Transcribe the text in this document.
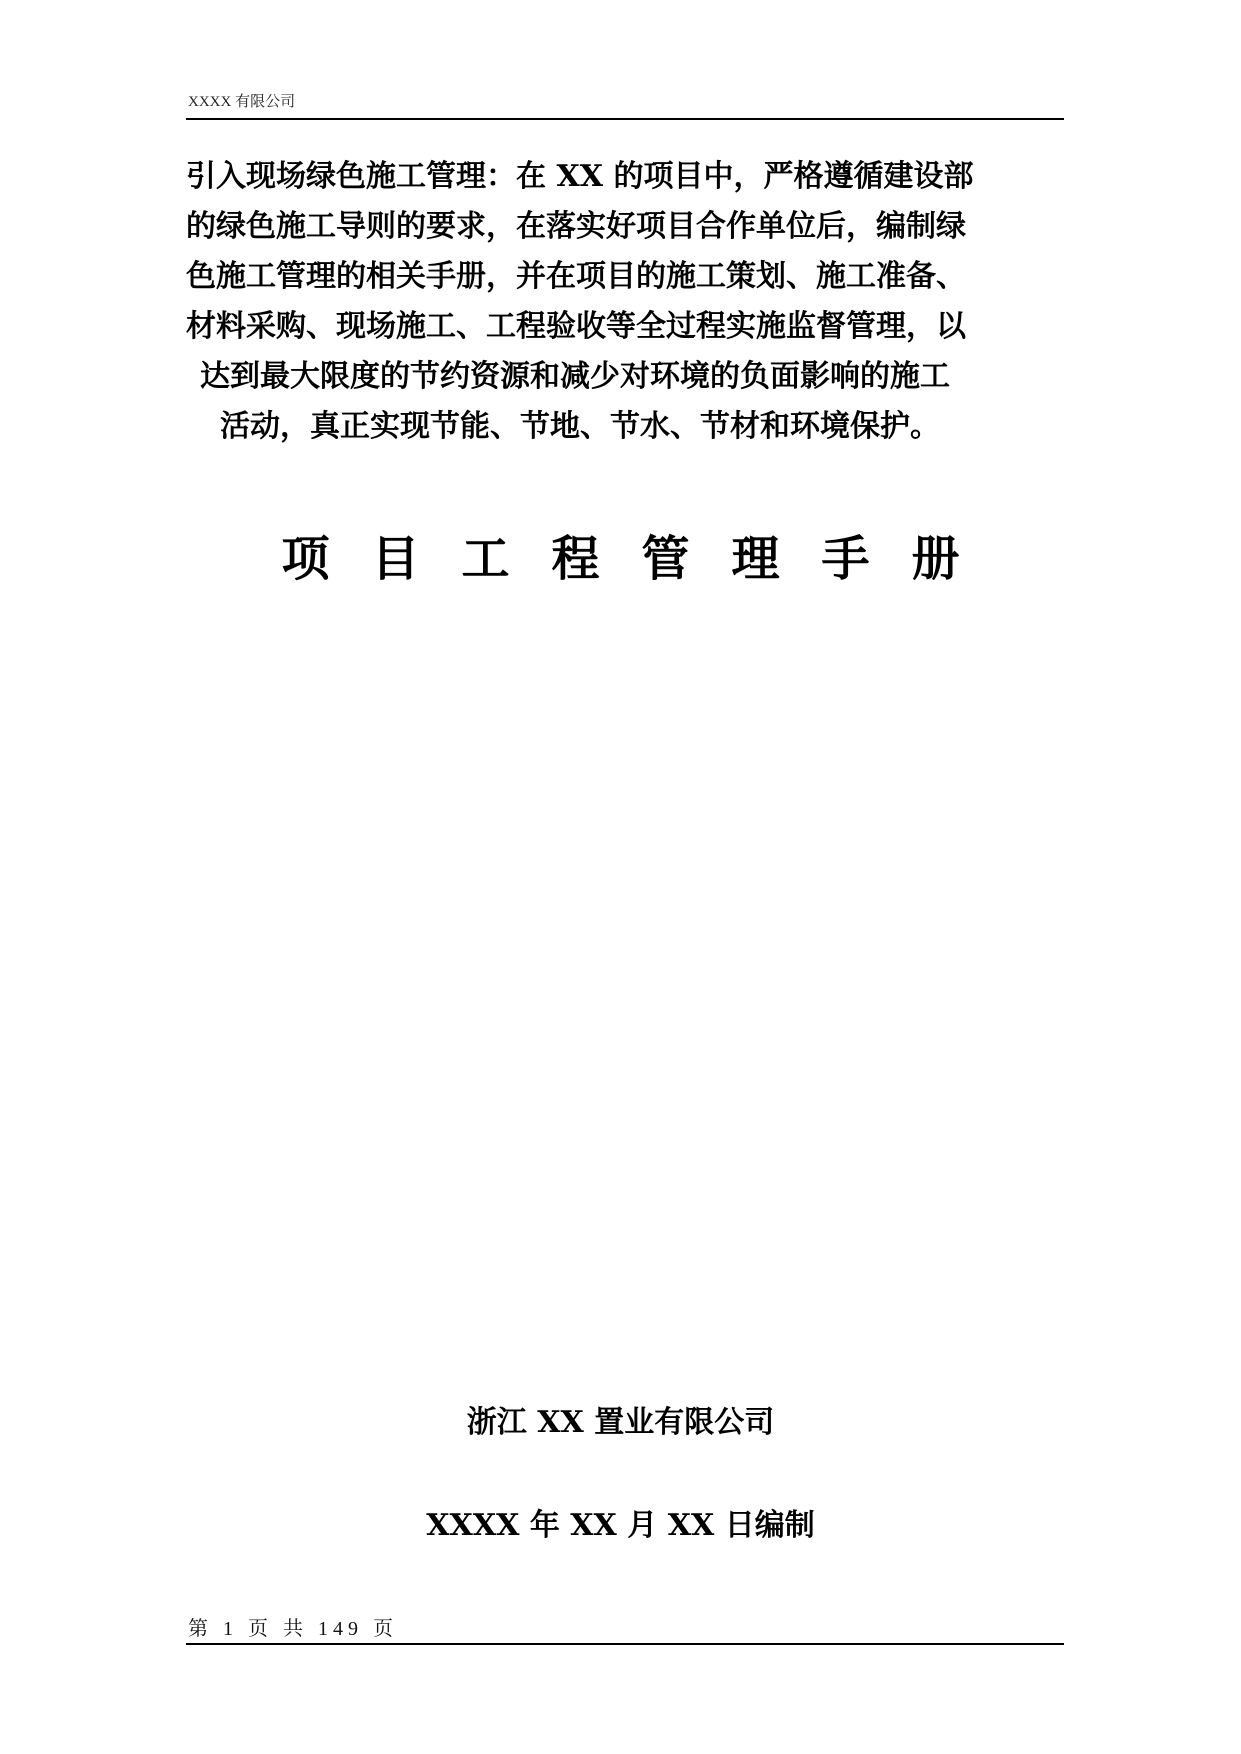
XXXX 有限公司
引入现场绿色施工管理：在 XX 的项目中，严格遵循建设部
的绿色施工导则的要求，在落实好项目合作单位后，编制绿
色施工管理的相关手册，并在项目的施工策划、施工准备、
材料采购、现场施工、工程验收等全过程实施监督管理，以
达到最大限度的节约资源和减少对环境的负面影响的施工
活动，真正实现节能、节地、节水、节材和环境保护。
项目工程管理手册
浙江 XX 置业有限公司
XXXX 年 XX 月 XX 日编制
第 1 页 共 149 页
